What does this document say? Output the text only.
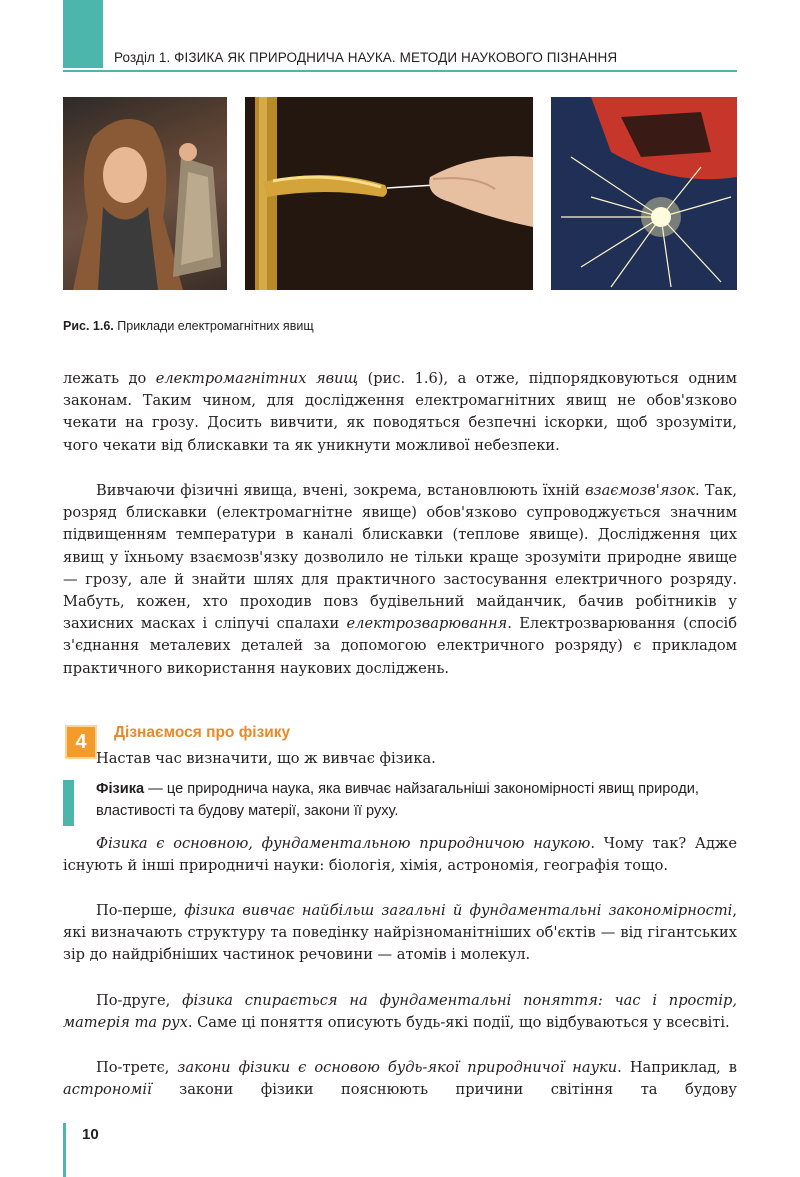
Розділ 1. ФІЗИКА ЯК ПРИРОДНИЧА НАУКА. МЕТОДИ НАУКОВОГО ПІЗНАННЯ
Рис. 1.6. Приклади електромагнітних явищ

лежать до електромагнітних явищ (рис. 1.6), а отже, підпорядковуються одним законам. Таким чином, для дослідження електромагнітних явищ не обов'язково чекати на грозу. Досить вивчити, як поводяться безпечні іскорки, щоб зрозуміти, чого чекати від блискавки та як уникнути можливої небезпеки.

Вивчаючи фізичні явища, вчені, зокрема, встановлюють їхній взаємозв'язок. Так, розряд блискавки (електромагнітне явище) обов'язково супроводжується значним підвищенням температури в каналі блискавки (теплове явище). Дослідження цих явищ у їхньому взаємозв'язку дозволило не тільки краще зрозуміти природне явище — грозу, але й знайти шлях для практичного застосування електричного розряду. Мабуть, кожен, хто проходив повз будівельний майданчик, бачив робітників у захисних масках і сліпучі спалахи електрозварювання. Електрозварювання (спосіб з'єднання металевих деталей за допомогою електричного розряду) є прикладом практичного використання наукових досліджень.

4	Дізнаємося про фізику

Настав час визначити, що ж вивчає фізика.

Фізика — це природнича наука, яка вивчає найзагальніші закономірності явищ природи, властивості та будову матерії, закони її руху.

Фізика є основною, фундаментальною природничою наукою. Чому так? Адже існують й інші природничі науки: біологія, хімія, астрономія, географія тощо.

По-перше, фізика вивчає найбільш загальні й фундаментальні закономірності, які визначають структуру та поведінку найрізноманітніших об'єктів — від гігантських зір до найдрібніших частинок речовини — атомів і молекул.

По-друге, фізика спирається на фундаментальні поняття: час і простір, матерія та рух. Саме ці поняття описують будь-які події, що відбуваються у всесвіті.

По-третє, закони фізики є основою будь-якої природничої науки. Наприклад, в астрономії закони фізики пояснюють причини світіння та будову

10
